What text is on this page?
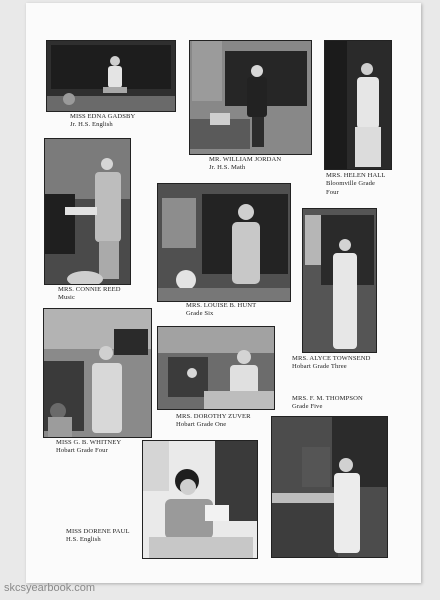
MISS EDNA GADSBY
Jr. H.S. English
MR. WILLIAM JORDAN
Jr. H.S. Math
MRS. HELEN HALL
Bloomville Grade
Four
MRS. CONNIE REED
Music
MRS. LOUISE B. HUNT
Grade Six
MRS. ALYCE TOWNSEND
Hobart Grade Three
MISS G. B. WHITNEY
Hobart Grade Four
MRS. DOROTHY ZUVER
Hobart Grade One
MRS. F. M. THOMPSON
Grade Five
MISS DORENE PAUL
H.S. English
skcsyearbook.com
